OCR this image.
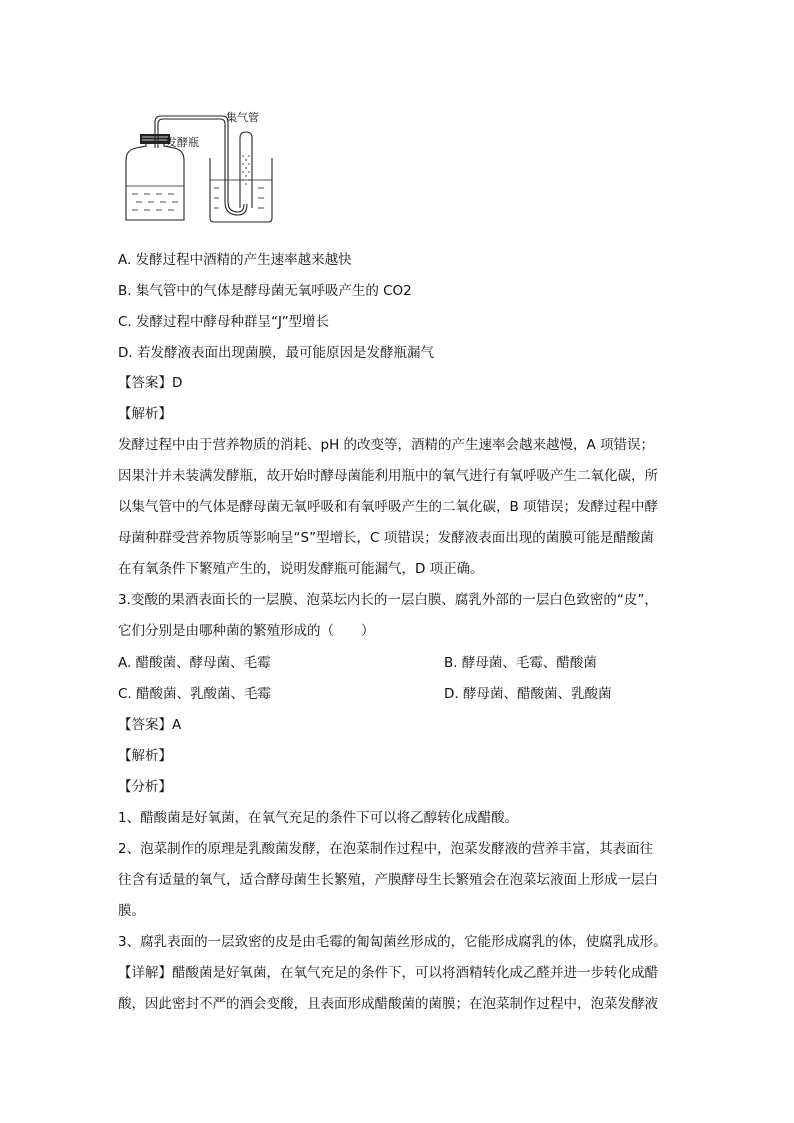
发酵瓶
集气管
A. 发酵过程中酒精的产生速率越来越快
B. 集气管中的气体是酵母菌无氧呼吸产生的 CO2
C. 发酵过程中酵母种群呈“J”型增长
D. 若发酵液表面出现菌膜，最可能原因是发酵瓶漏气
【答案】D
【解析】
发酵过程中由于营养物质的消耗、pH 的改变等，酒精的产生速率会越来越慢，A 项错误；
因果汁并未装满发酵瓶，故开始时酵母菌能利用瓶中的氧气进行有氧呼吸产生二氧化碳，所
以集气管中的气体是酵母菌无氧呼吸和有氧呼吸产生的二氧化碳，B 项错误；发酵过程中酵
母菌种群受营养物质等影响呈“S”型增长，C 项错误；发酵液表面出现的菌膜可能是醋酸菌
在有氧条件下繁殖产生的，说明发酵瓶可能漏气，D 项正确。
3.变酸的果酒表面长的一层膜、泡菜坛内长的一层白膜、腐乳外部的一层白色致密的“皮”，
它们分别是由哪种菌的繁殖形成的（　　）
A. 醋酸菌、酵母菌、毛霉	B. 酵母菌、毛霉、醋酸菌
C. 醋酸菌、乳酸菌、毛霉	D. 酵母菌、醋酸菌、乳酸菌
【答案】A
【解析】
【分析】
1、醋酸菌是好氧菌，在氧气充足的条件下可以将乙醇转化成醋酸。
2、泡菜制作的原理是乳酸菌发酵，在泡菜制作过程中，泡菜发酵液的营养丰富，其表面往
往含有适量的氧气，适合酵母菌生长繁殖，产膜酵母生长繁殖会在泡菜坛液面上形成一层白
膜。
3、腐乳表面的一层致密的皮是由毛霉的匍匐菌丝形成的，它能形成腐乳的体，使腐乳成形。
【详解】醋酸菌是好氧菌，在氧气充足的条件下，可以将酒精转化成乙醛并进一步转化成醋
酸，因此密封不严的酒会变酸，且表面形成醋酸菌的菌膜；在泡菜制作过程中，泡菜发酵液
